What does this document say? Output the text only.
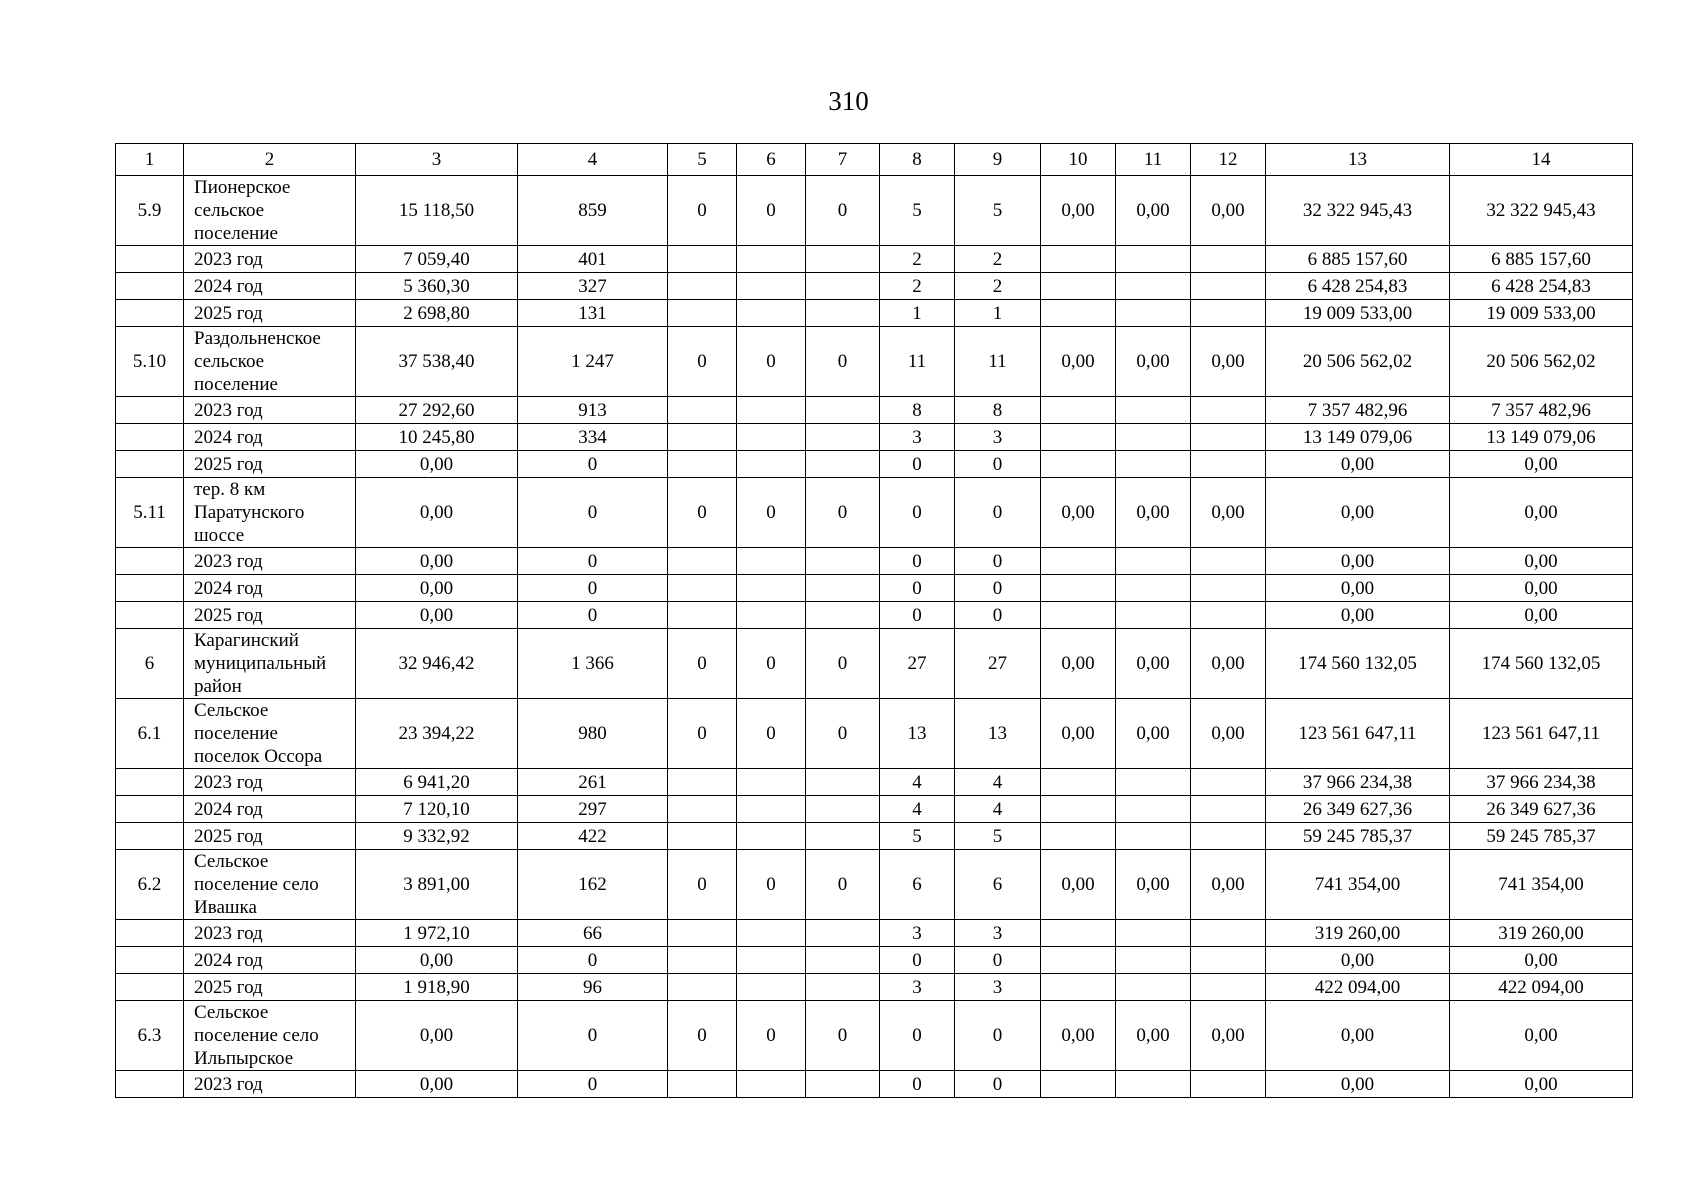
310
1	2	3	4	5	6	7	8	9	10	11	12	13	14
5.9	Пионерское
сельское
поселение	15 118,50	859	0	0	0	5	5	0,00	0,00	0,00	32 322 945,43	32 322 945,43
	2023 год	7 059,40	401				2	2				6 885 157,60	6 885 157,60
	2024 год	5 360,30	327				2	2				6 428 254,83	6 428 254,83
	2025 год	2 698,80	131				1	1				19 009 533,00	19 009 533,00
5.10	Раздольненское
сельское
поселение	37 538,40	1 247	0	0	0	11	11	0,00	0,00	0,00	20 506 562,02	20 506 562,02
	2023 год	27 292,60	913				8	8				7 357 482,96	7 357 482,96
	2024 год	10 245,80	334				3	3				13 149 079,06	13 149 079,06
	2025 год	0,00	0				0	0				0,00	0,00
5.11	тер. 8 км
Паратунского
шоссе	0,00	0	0	0	0	0	0	0,00	0,00	0,00	0,00	0,00
	2023 год	0,00	0				0	0				0,00	0,00
	2024 год	0,00	0				0	0				0,00	0,00
	2025 год	0,00	0				0	0				0,00	0,00
6	Карагинский
муниципальный
район	32 946,42	1 366	0	0	0	27	27	0,00	0,00	0,00	174 560 132,05	174 560 132,05
6.1	Сельское
поселение
поселок Оссора	23 394,22	980	0	0	0	13	13	0,00	0,00	0,00	123 561 647,11	123 561 647,11
	2023 год	6 941,20	261				4	4				37 966 234,38	37 966 234,38
	2024 год	7 120,10	297				4	4				26 349 627,36	26 349 627,36
	2025 год	9 332,92	422				5	5				59 245 785,37	59 245 785,37
6.2	Сельское
поселение село
Ивашка	3 891,00	162	0	0	0	6	6	0,00	0,00	0,00	741 354,00	741 354,00
	2023 год	1 972,10	66				3	3				319 260,00	319 260,00
	2024 год	0,00	0				0	0				0,00	0,00
	2025 год	1 918,90	96				3	3				422 094,00	422 094,00
6.3	Сельское
поселение село
Ильпырское	0,00	0	0	0	0	0	0	0,00	0,00	0,00	0,00	0,00
	2023 год	0,00	0				0	0				0,00	0,00
